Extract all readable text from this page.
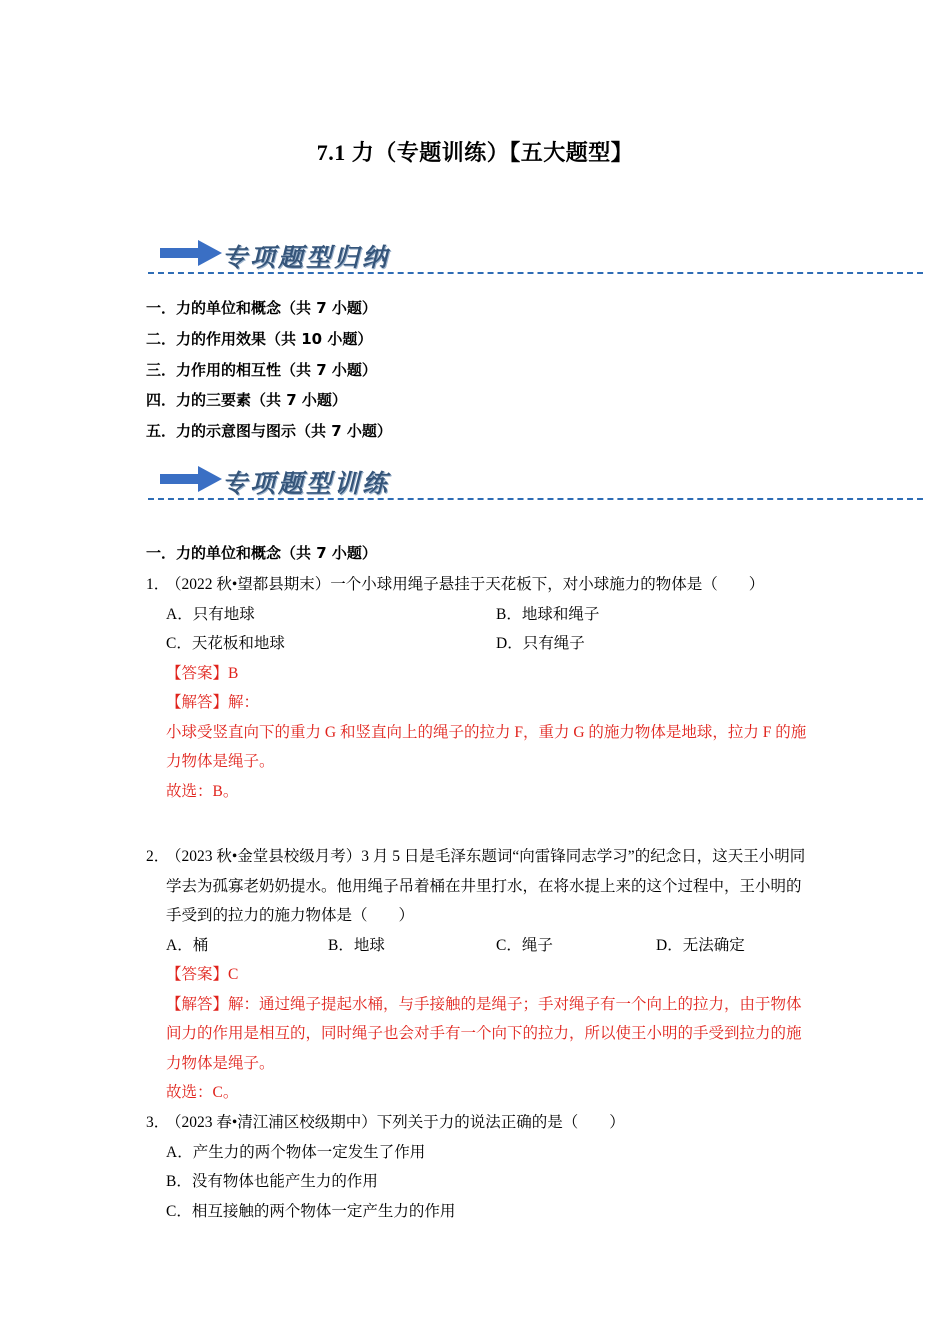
7.1 力（专题训练）【五大题型】
专项题型归纳
一．力的单位和概念（共 7 小题）
二．力的作用效果（共 10 小题）
三．力作用的相互性（共 7 小题）
四．力的三要素（共 7 小题）
五．力的示意图与图示（共 7 小题）
专项题型训练
一．力的单位和概念（共 7 小题）
1．
（2022 秋•望都县期末）一个小球用绳子悬挂于天花板下，对小球施力的物体是（　　）
A．只有地球	B．地球和绳子
C．天花板和地球	D．只有绳子
【答案】B
【解答】解：
小球受竖直向下的重力 G 和竖直向上的绳子的拉力 F，重力 G 的施力物体是地球，拉力 F 的施力物体是绳子。
故选：B。
2．
（2023 秋•金堂县校级月考）3 月 5 日是毛泽东题词“向雷锋同志学习”的纪念日，这天王小明同学去为孤寡老奶奶提水。他用绳子吊着桶在井里打水，在将水提上来的这个过程中，王小明的手受到的拉力的施力物体是（　　）
A．桶	B．地球	C．绳子	D．无法确定
【答案】C
【解答】解：通过绳子提起水桶，与手接触的是绳子；手对绳子有一个向上的拉力，由于物体间力的作用是相互的，同时绳子也会对手有一个向下的拉力，所以使王小明的手受到拉力的施力物体是绳子。
故选：C。
3．
（2023 春•清江浦区校级期中）下列关于力的说法正确的是（　　）
A．产生力的两个物体一定发生了作用
B．没有物体也能产生力的作用
C．相互接触的两个物体一定产生力的作用
